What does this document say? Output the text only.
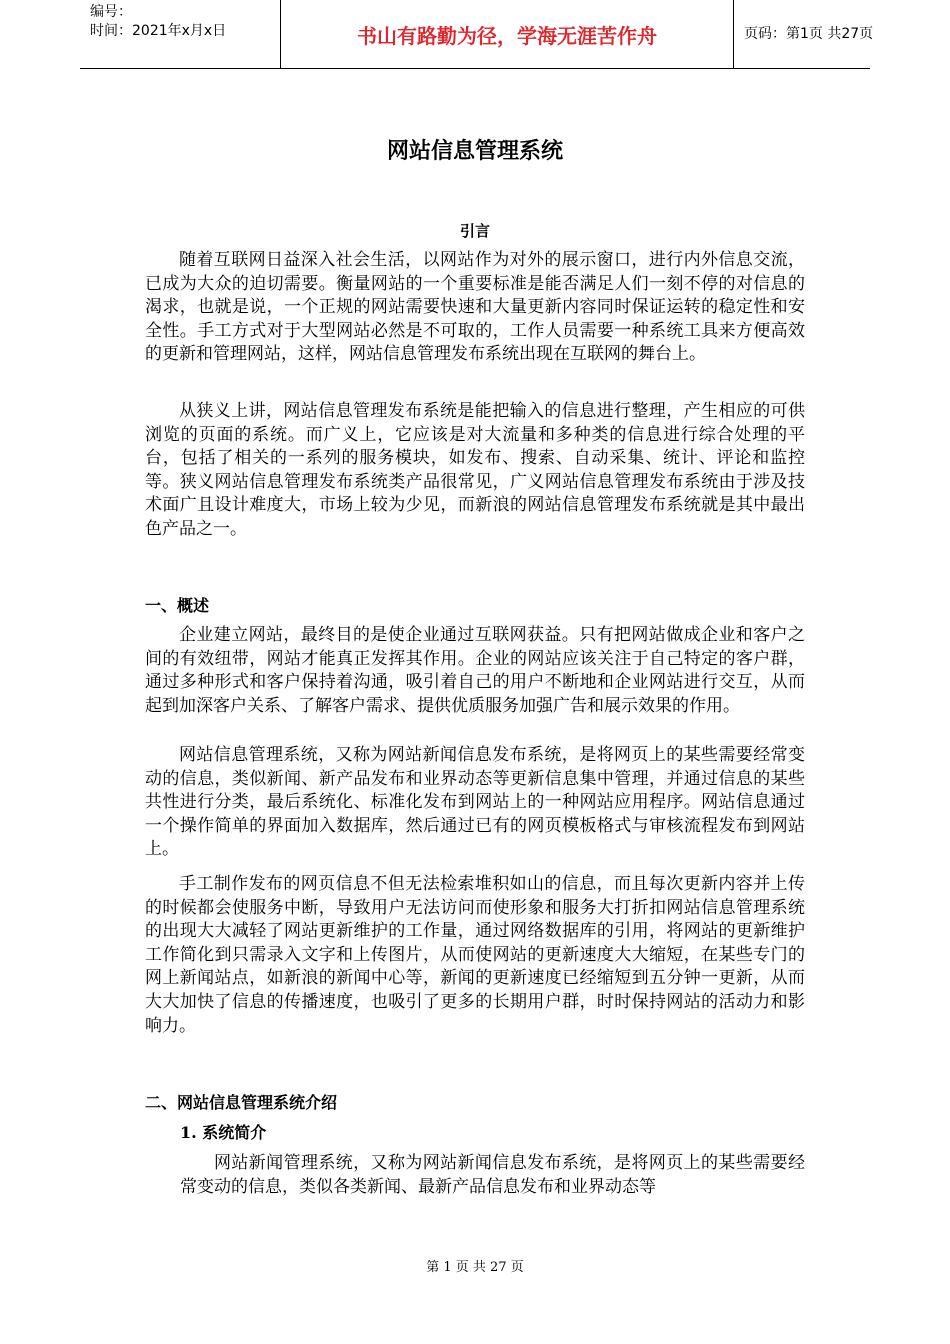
编号：
时间：2021年x月x日	书山有路勤为径，学海无涯苦作舟	页码：第1页 共27页
网站信息管理系统
引言

随着互联网日益深入社会生活，以网站作为对外的展示窗口，进行内外信息交流，已成为大众的迫切需要。衡量网站的一个重要标准是能否满足人们一刻不停的对信息的渴求，也就是说，一个正规的网站需要快速和大量更新内容同时保证运转的稳定性和安全性。手工方式对于大型网站必然是不可取的，工作人员需要一种系统工具来方便高效的更新和管理网站，这样，网站信息管理发布系统出现在互联网的舞台上。

从狭义上讲，网站信息管理发布系统是能把输入的信息进行整理，产生相应的可供浏览的页面的系统。而广义上，它应该是对大流量和多种类的信息进行综合处理的平台，包括了相关的一系列的服务模块，如发布、搜索、自动采集、统计、评论和监控等。狭义网站信息管理发布系统类产品很常见，广义网站信息管理发布系统由于涉及技术面广且设计难度大，市场上较为少见，而新浪的网站信息管理发布系统就是其中最出色产品之一。

一、概述

企业建立网站，最终目的是使企业通过互联网获益。只有把网站做成企业和客户之间的有效纽带，网站才能真正发挥其作用。企业的网站应该关注于自己特定的客户群，通过多种形式和客户保持着沟通，吸引着自己的用户不断地和企业网站进行交互，从而起到加深客户关系、了解客户需求、提供优质服务加强广告和展示效果的作用。

网站信息管理系统，又称为网站新闻信息发布系统，是将网页上的某些需要经常变动的信息，类似新闻、新产品发布和业界动态等更新信息集中管理，并通过信息的某些共性进行分类，最后系统化、标准化发布到网站上的一种网站应用程序。网站信息通过一个操作简单的界面加入数据库，然后通过已有的网页模板格式与审核流程发布到网站上。

手工制作发布的网页信息不但无法检索堆积如山的信息，而且每次更新内容并上传的时候都会使服务中断，导致用户无法访问而使形象和服务大打折扣网站信息管理系统的出现大大减轻了网站更新维护的工作量，通过网络数据库的引用，将网站的更新维护工作简化到只需录入文字和上传图片，从而使网站的更新速度大大缩短，在某些专门的网上新闻站点，如新浪的新闻中心等，新闻的更新速度已经缩短到五分钟一更新，从而大大加快了信息的传播速度，也吸引了更多的长期用户群，时时保持网站的活动力和影响力。

二、网站信息管理系统介绍
1. 系统简介

网站新闻管理系统，又称为网站新闻信息发布系统，是将网页上的某些需要经常变动的信息，类似各类新闻、最新产品信息发布和业界动态等

第 1 页 共 27 页
